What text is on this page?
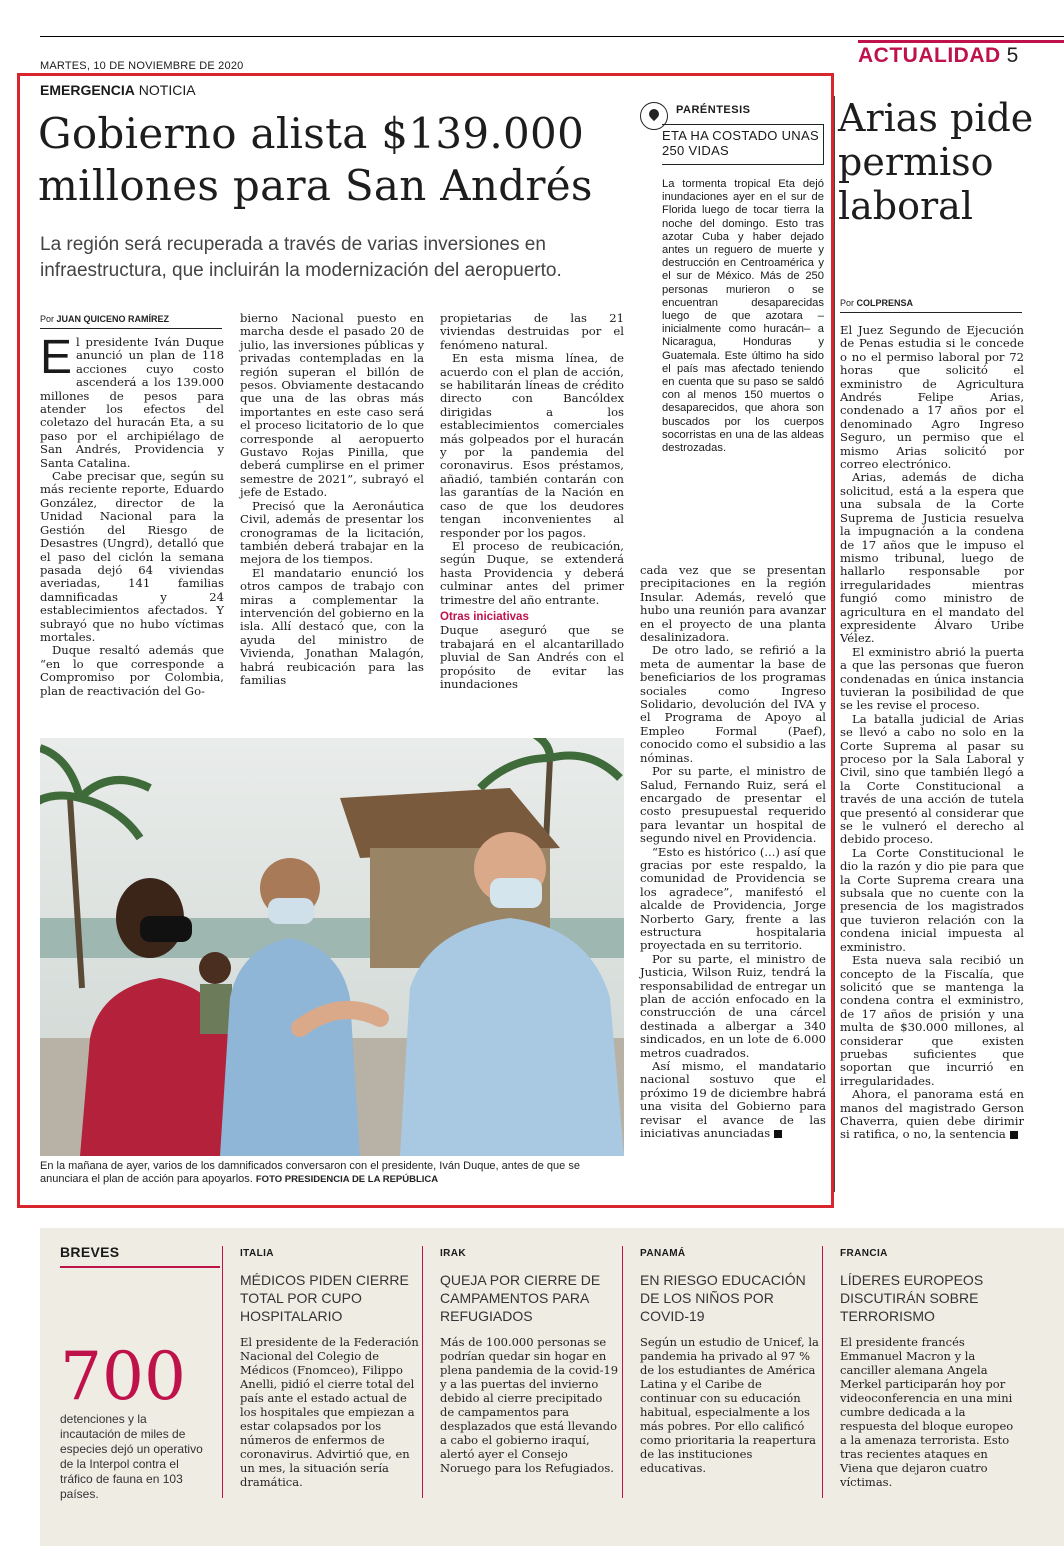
MARTES, 10 DE NOVIEMBRE DE 2020	ACTUALIDAD 5
EMERGENCIA NOTICIA
Gobierno alista $139.000 millones para San Andrés
La región será recuperada a través de varias inversiones en infraestructura, que incluirán la modernización del aeropuerto.
Por JUAN QUICENO RAMÍREZ

El presidente Iván Duque anunció un plan de 118 acciones cuyo costo ascenderá a los 139.000 millones de pesos para atender los efectos del coletazo del huracán Eta, a su paso por el archipiélago de San Andrés, Providencia y Santa Catalina.

Cabe precisar que, según su más reciente reporte, Eduardo González, director de la Unidad Nacional para la Gestión del Riesgo de Desastres (Ungrd), detalló que el paso del ciclón la semana pasada dejó 64 viviendas averiadas, 141 familias damnificadas y 24 establecimientos afectados. Y subrayó que no hubo víctimas mortales.

Duque resaltó además que “en lo que corresponde a Compromiso por Colombia, plan de reactivación del Go-

bierno Nacional puesto en marcha desde el pasado 20 de julio, las inversiones públicas y privadas contempladas en la región superan el billón de pesos. Obviamente destacando que una de las obras más importantes en este caso será el proceso licitatorio de lo que corresponde al aeropuerto Gustavo Rojas Pinilla, que deberá cumplirse en el primer semestre de 2021”, subrayó el jefe de Estado.

Precisó que la Aeronáutica Civil, además de presentar los cronogramas de la licitación, también deberá trabajar en la mejora de los tiempos.

El mandatario enunció los otros campos de trabajo con miras a complementar la intervención del gobierno en la isla. Allí destacó que, con la ayuda del ministro de Vivienda, Jonathan Malagón, habrá reubicación para las familias

propietarias de las 21 viviendas destruidas por el fenómeno natural.

En esta misma línea, de acuerdo con el plan de acción, se habilitarán líneas de crédito directo con Bancóldex dirigidas a los establecimientos comerciales más golpeados por el huracán y por la pandemia del coronavirus. Esos préstamos, añadió, también contarán con las garantías de la Nación en caso de que los deudores tengan inconvenientes al responder por los pagos.

El proceso de reubicación, según Duque, se extenderá hasta Providencia y deberá culminar antes del primer trimestre del año entrante.

Otras iniciativas

Duque aseguró que se trabajará en el alcantarillado pluvial de San Andrés con el propósito de evitar las inundaciones

cada vez que se presentan precipitaciones en la región Insular. Además, reveló que hubo una reunión para avanzar en el proyecto de una planta desalinizadora.

De otro lado, se refirió a la meta de aumentar la base de beneficiarios de los programas sociales como Ingreso Solidario, devolución del IVA y el Programa de Apoyo al Empleo Formal (Paef), conocido como el subsidio a las nóminas.

Por su parte, el ministro de Salud, Fernando Ruiz, será el encargado de presentar el costo presupuestal requerido para levantar un hospital de segundo nivel en Providencia.

“Esto es histórico (...) así que gracias por este respaldo, la comunidad de Providencia se los agradece”, manifestó el alcalde de Providencia, Jorge Norberto Gary, frente a las estructura hospitalaria proyectada en su territorio.

Por su parte, el ministro de Justicia, Wilson Ruiz, tendrá la responsabilidad de entregar un plan de acción enfocado en la construcción de una cárcel destinada a albergar a 340 sindicados, en un lote de 6.000 metros cuadrados.

Así mismo, el mandatario nacional sostuvo que el próximo 19 de diciembre habrá una visita del Gobierno para revisar el avance de las iniciativas anunciadas

PARÉNTESIS
ETA HA COSTADO UNAS 250 VIDAS
La tormenta tropical Eta dejó inundaciones ayer en el sur de Florida luego de tocar tierra la noche del domingo. Esto tras azotar Cuba y haber dejado antes un reguero de muerte y destrucción en Centroamérica y el sur de México. Más de 250 personas murieron o se encuentran desaparecidas luego de que azotara –inicialmente como huracán– a Nicaragua, Honduras y Guatemala. Este último ha sido el país mas afectado teniendo en cuenta que su paso se saldó con al menos 150 muertos o desaparecidos, que ahora son buscados por los cuerpos socorristas en una de las aldeas destrozadas.
En la mañana de ayer, varios de los damnificados conversaron con el presidente, Iván Duque, antes de que se anunciara el plan de acción para apoyarlos. FOTO PRESIDENCIA DE LA REPÚBLICA
Arias pide permiso laboral
Por COLPRENSA

El Juez Segundo de Ejecución de Penas estudia si le concede o no el permiso laboral por 72 horas que solicitó el exministro de Agricultura Andrés Felipe Arias, condenado a 17 años por el denominado Agro Ingreso Seguro, un permiso que el mismo Arias solicitó por correo electrónico.

Arias, además de dicha solicitud, está a la espera que una subsala de la Corte Suprema de Justicia resuelva la impugnación a la condena de 17 años que le impuso el mismo tribunal, luego de hallarlo responsable por irregularidades mientras fungió como ministro de agricultura en el mandato del expresidente Álvaro Uribe Vélez.

El exministro abrió la puerta a que las personas que fueron condenadas en única instancia tuvieran la posibilidad de que se les revise el proceso.

La batalla judicial de Arias se llevó a cabo no solo en la Corte Suprema al pasar su proceso por la Sala Laboral y Civil, sino que también llegó a la Corte Constitucional a través de una acción de tutela que presentó al considerar que se le vulneró el derecho al debido proceso.

La Corte Constitucional le dio la razón y dio pie para que la Corte Suprema creara una subsala que no cuente con la presencia de los magistrados que tuvieron relación con la condena inicial impuesta al exministro.

Esta nueva sala recibió un concepto de la Fiscalía, que solicitó que se mantenga la condena contra el exministro, de 17 años de prisión y una multa de $30.000 millones, al considerar que existen pruebas suficientes que soportan que incurrió en irregularidades.

Ahora, el panorama está en manos del magistrado Gerson Chaverra, quien debe dirimir si ratifica, o no, la sentencia

BREVES
700
detenciones y la incautación de miles de especies dejó un operativo de la Interpol contra el tráfico de fauna en 103 países.
ITALIA
MÉDICOS PIDEN CIERRE TOTAL POR CUPO HOSPITALARIO
El presidente de la Federación Nacional del Colegio de Médicos (Fnomceo), Filippo Anelli, pidió el cierre total del país ante el estado actual de los hospitales que empiezan a estar colapsados por los números de enfermos de coronavirus. Advirtió que, en un mes, la situación sería dramática.
IRAK
QUEJA POR CIERRE DE CAMPAMENTOS PARA REFUGIADOS
Más de 100.000 personas se podrían quedar sin hogar en plena pandemia de la covid-19 y a las puertas del invierno debido al cierre precipitado de campamentos para desplazados que está llevando a cabo el gobierno iraquí, alertó ayer el Consejo Noruego para los Refugiados.
PANAMÁ
EN RIESGO EDUCACIÓN DE LOS NIÑOS POR COVID-19
Según un estudio de Unicef, la pandemia ha privado al 97 % de los estudiantes de América Latina y el Caribe de continuar con su educación habitual, especialmente a los más pobres. Por ello calificó como prioritaria la reapertura de las instituciones educativas.
FRANCIA
LÍDERES EUROPEOS DISCUTIRÁN SOBRE TERRORISMO
El presidente francés Emmanuel Macron y la canciller alemana Angela Merkel participarán hoy por videoconferencia en una mini cumbre dedicada a la respuesta del bloque europeo a la amenaza terrorista. Esto tras recientes ataques en Viena que dejaron cuatro víctimas.
